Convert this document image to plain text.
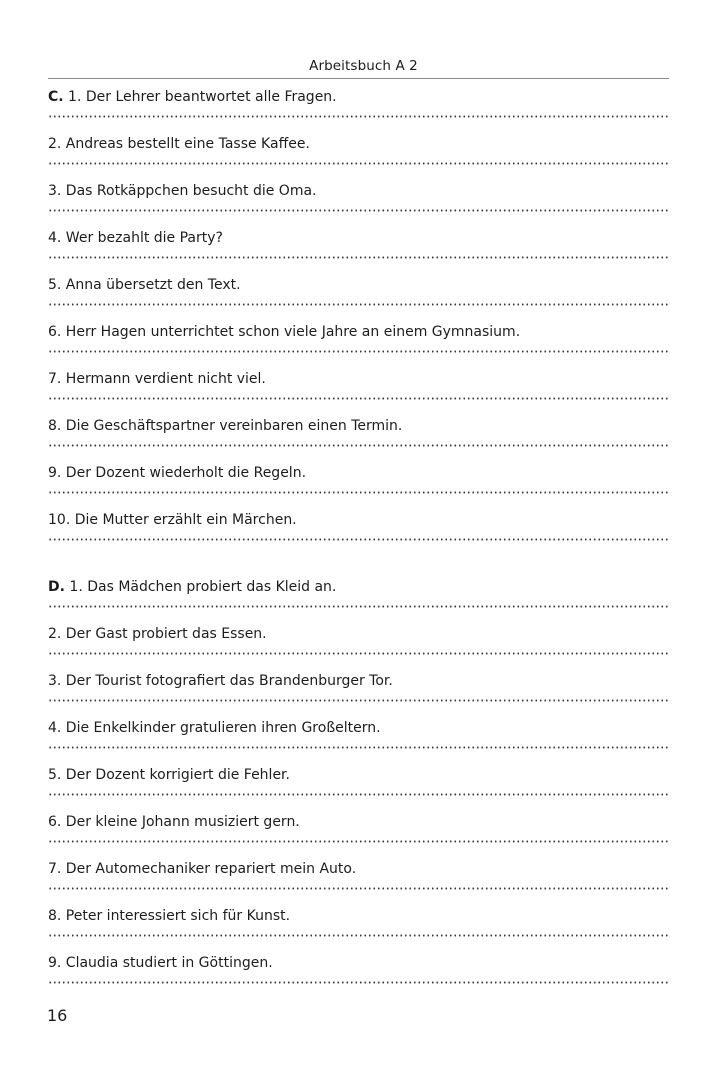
Arbeitsbuch A 2
C. 1. Der Lehrer beantwortet alle Fragen.
2. Andreas bestellt eine Tasse Kaffee.
3. Das Rotkäppchen besucht die Oma.
4. Wer bezahlt die Party?
5. Anna übersetzt den Text.
6. Herr Hagen unterrichtet schon viele Jahre an einem Gymnasium.
7. Hermann verdient nicht viel.
8. Die Geschäftspartner vereinbaren einen Termin.
9. Der Dozent wiederholt die Regeln.
10. Die Mutter erzählt ein Märchen.
D. 1. Das Mädchen probiert das Kleid an.
2. Der Gast probiert das Essen.
3. Der Tourist fotografiert das Brandenburger Tor.
4. Die Enkelkinder gratulieren ihren Großeltern.
5. Der Dozent korrigiert die Fehler.
6. Der kleine Johann musiziert gern.
7. Der Automechaniker repariert mein Auto.
8. Peter interessiert sich für Kunst.
9. Claudia studiert in Göttingen.
16
